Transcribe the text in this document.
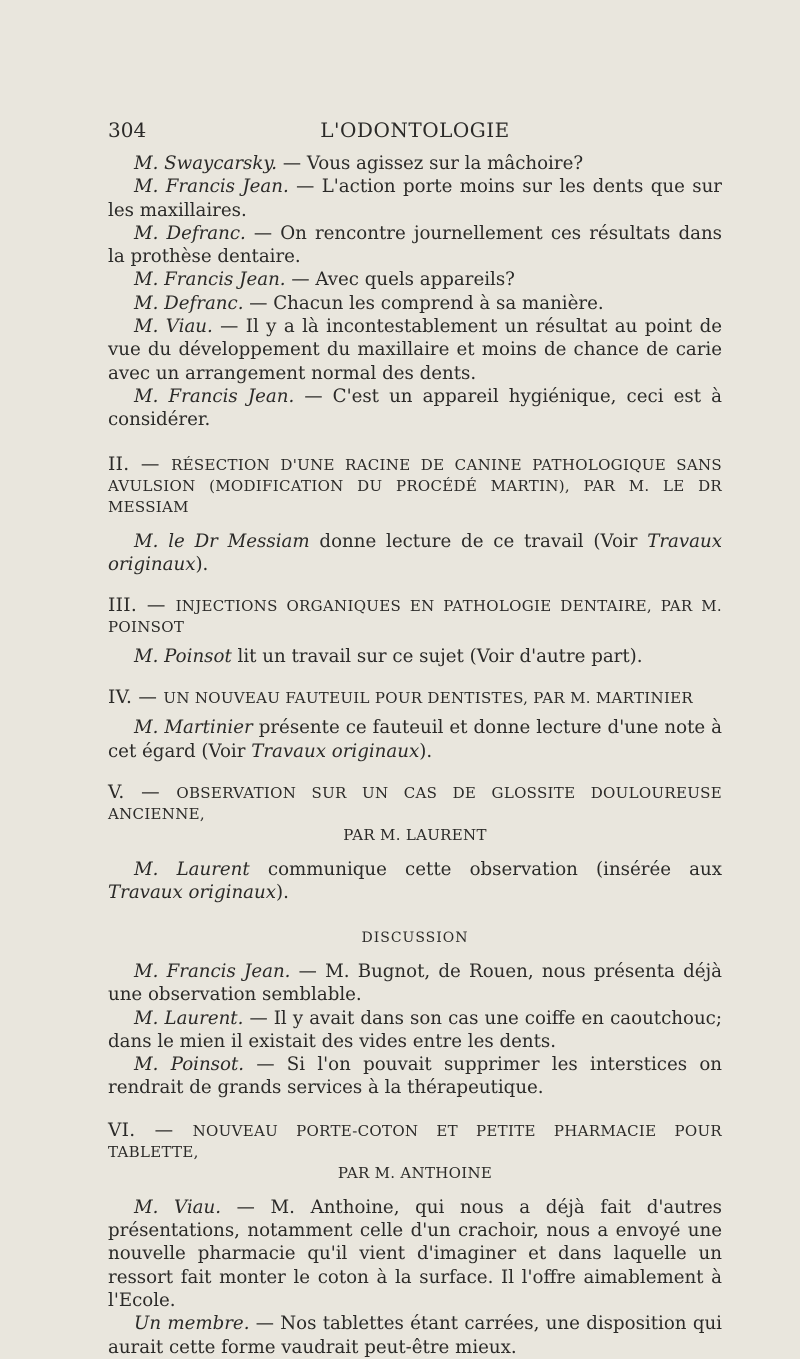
304	L'ODONTOLOGIE

M. Swaycarsky. — Vous agissez sur la mâchoire?

M. Francis Jean. — L'action porte moins sur les dents que sur les maxillaires.

M. Defranc. — On rencontre journellement ces résultats dans la prothèse dentaire.

M. Francis Jean. — Avec quels appareils?

M. Defranc. — Chacun les comprend à sa manière.

M. Viau. — Il y a là incontestablement un résultat au point de vue du développement du maxillaire et moins de chance de carie avec un arrangement normal des dents.

M. Francis Jean. — C'est un appareil hygiénique, ceci est à considérer.

II. — RÉSECTION D'UNE RACINE DE CANINE PATHOLOGIQUE SANS AVULSION (MODIFICATION DU PROCÉDÉ MARTIN), PAR M. LE DR MESSIAM

M. le Dr Messiam donne lecture de ce travail (Voir Travaux originaux).

III. — INJECTIONS ORGANIQUES EN PATHOLOGIE DENTAIRE, PAR M. POINSOT

M. Poinsot lit un travail sur ce sujet (Voir d'autre part).

IV. — UN NOUVEAU FAUTEUIL POUR DENTISTES, PAR M. MARTINIER

M. Martinier présente ce fauteuil et donne lecture d'une note à cet égard (Voir Travaux originaux).

V. — OBSERVATION SUR UN CAS DE GLOSSITE DOULOUREUSE ANCIENNE,
PAR M. LAURENT

M. Laurent communique cette observation (insérée aux Travaux originaux).

DISCUSSION

M. Francis Jean. — M. Bugnot, de Rouen, nous présenta déjà une observation semblable.

M. Laurent. — Il y avait dans son cas une coiffe en caoutchouc; dans le mien il existait des vides entre les dents.

M. Poinsot. — Si l'on pouvait supprimer les interstices on rendrait de grands services à la thérapeutique.

VI. — NOUVEAU PORTE-COTON ET PETITE PHARMACIE POUR TABLETTE,
PAR M. ANTHOINE

M. Viau. — M. Anthoine, qui nous a déjà fait d'autres présentations, notamment celle d'un crachoir, nous a envoyé une nouvelle pharmacie qu'il vient d'imaginer et dans laquelle un ressort fait monter le coton à la surface. Il l'offre aimablement à l'Ecole.

Un membre. — Nos tablettes étant carrées, une disposition qui aurait cette forme vaudrait peut-être mieux.
